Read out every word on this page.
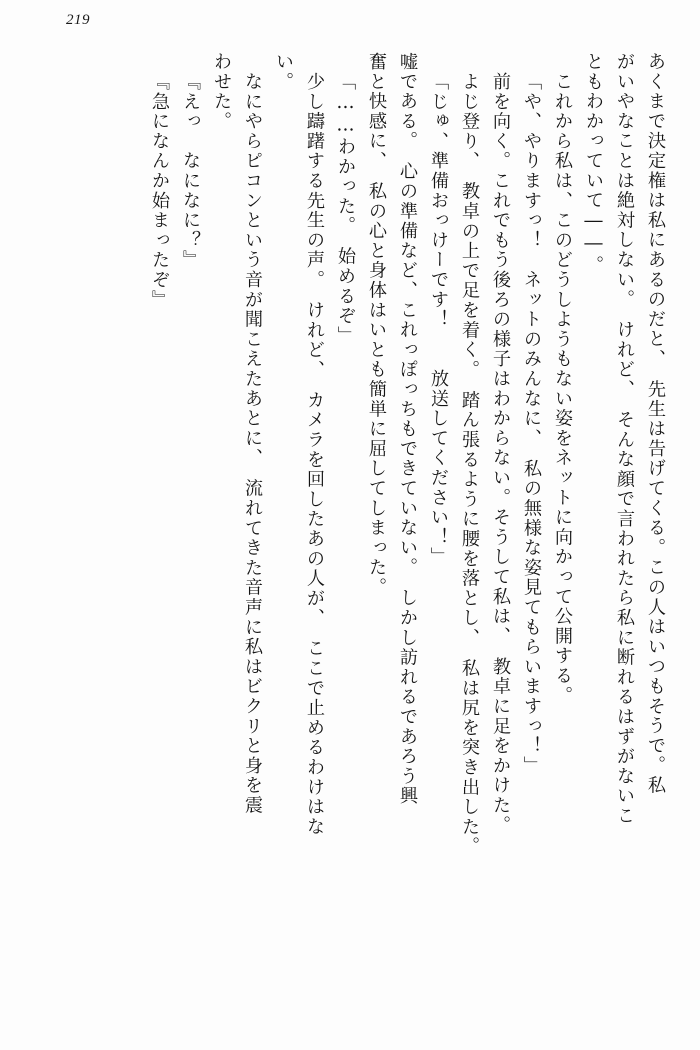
219
あくまで決定権は私にあるのだと、　先生は告げてくる。この人はいつもそうで。私
がいやなことは絶対しない。　けれど、　そんな顔で言われたら私に断れるはずがないこ
ともわかっていて――。
これから私は、このどうしようもない姿をネットに向かって公開する。
「や、やりますっ！　ネットのみんなに、　私の無様な姿見てもらいますっ！」
前を向く。これでもう後ろの様子はわからない。そうして私は、　教卓に足をかけた。
よじ登り、　教卓の上で足を着く。　踏ん張るように腰を落とし、　私は尻を突き出した。
「じゅ、準備おっけーです！　　放送してください！」
嘘である。　心の準備など、これっぽっちもできていない。　しかし訪れるであろう興
奮と快感に、　私の心と身体はいとも簡単に屈してしまった。
「……わかった。　始めるぞ」
少し躊躇する先生の声。　けれど、　カメラを回したあの人が、　ここで止めるわけはな
い。
なにやらピコンという音が聞こえたあとに、　流れてきた音声に私はビクリと身を震
わせた。
『えっ　なになに？』
『急になんか始まったぞ』
